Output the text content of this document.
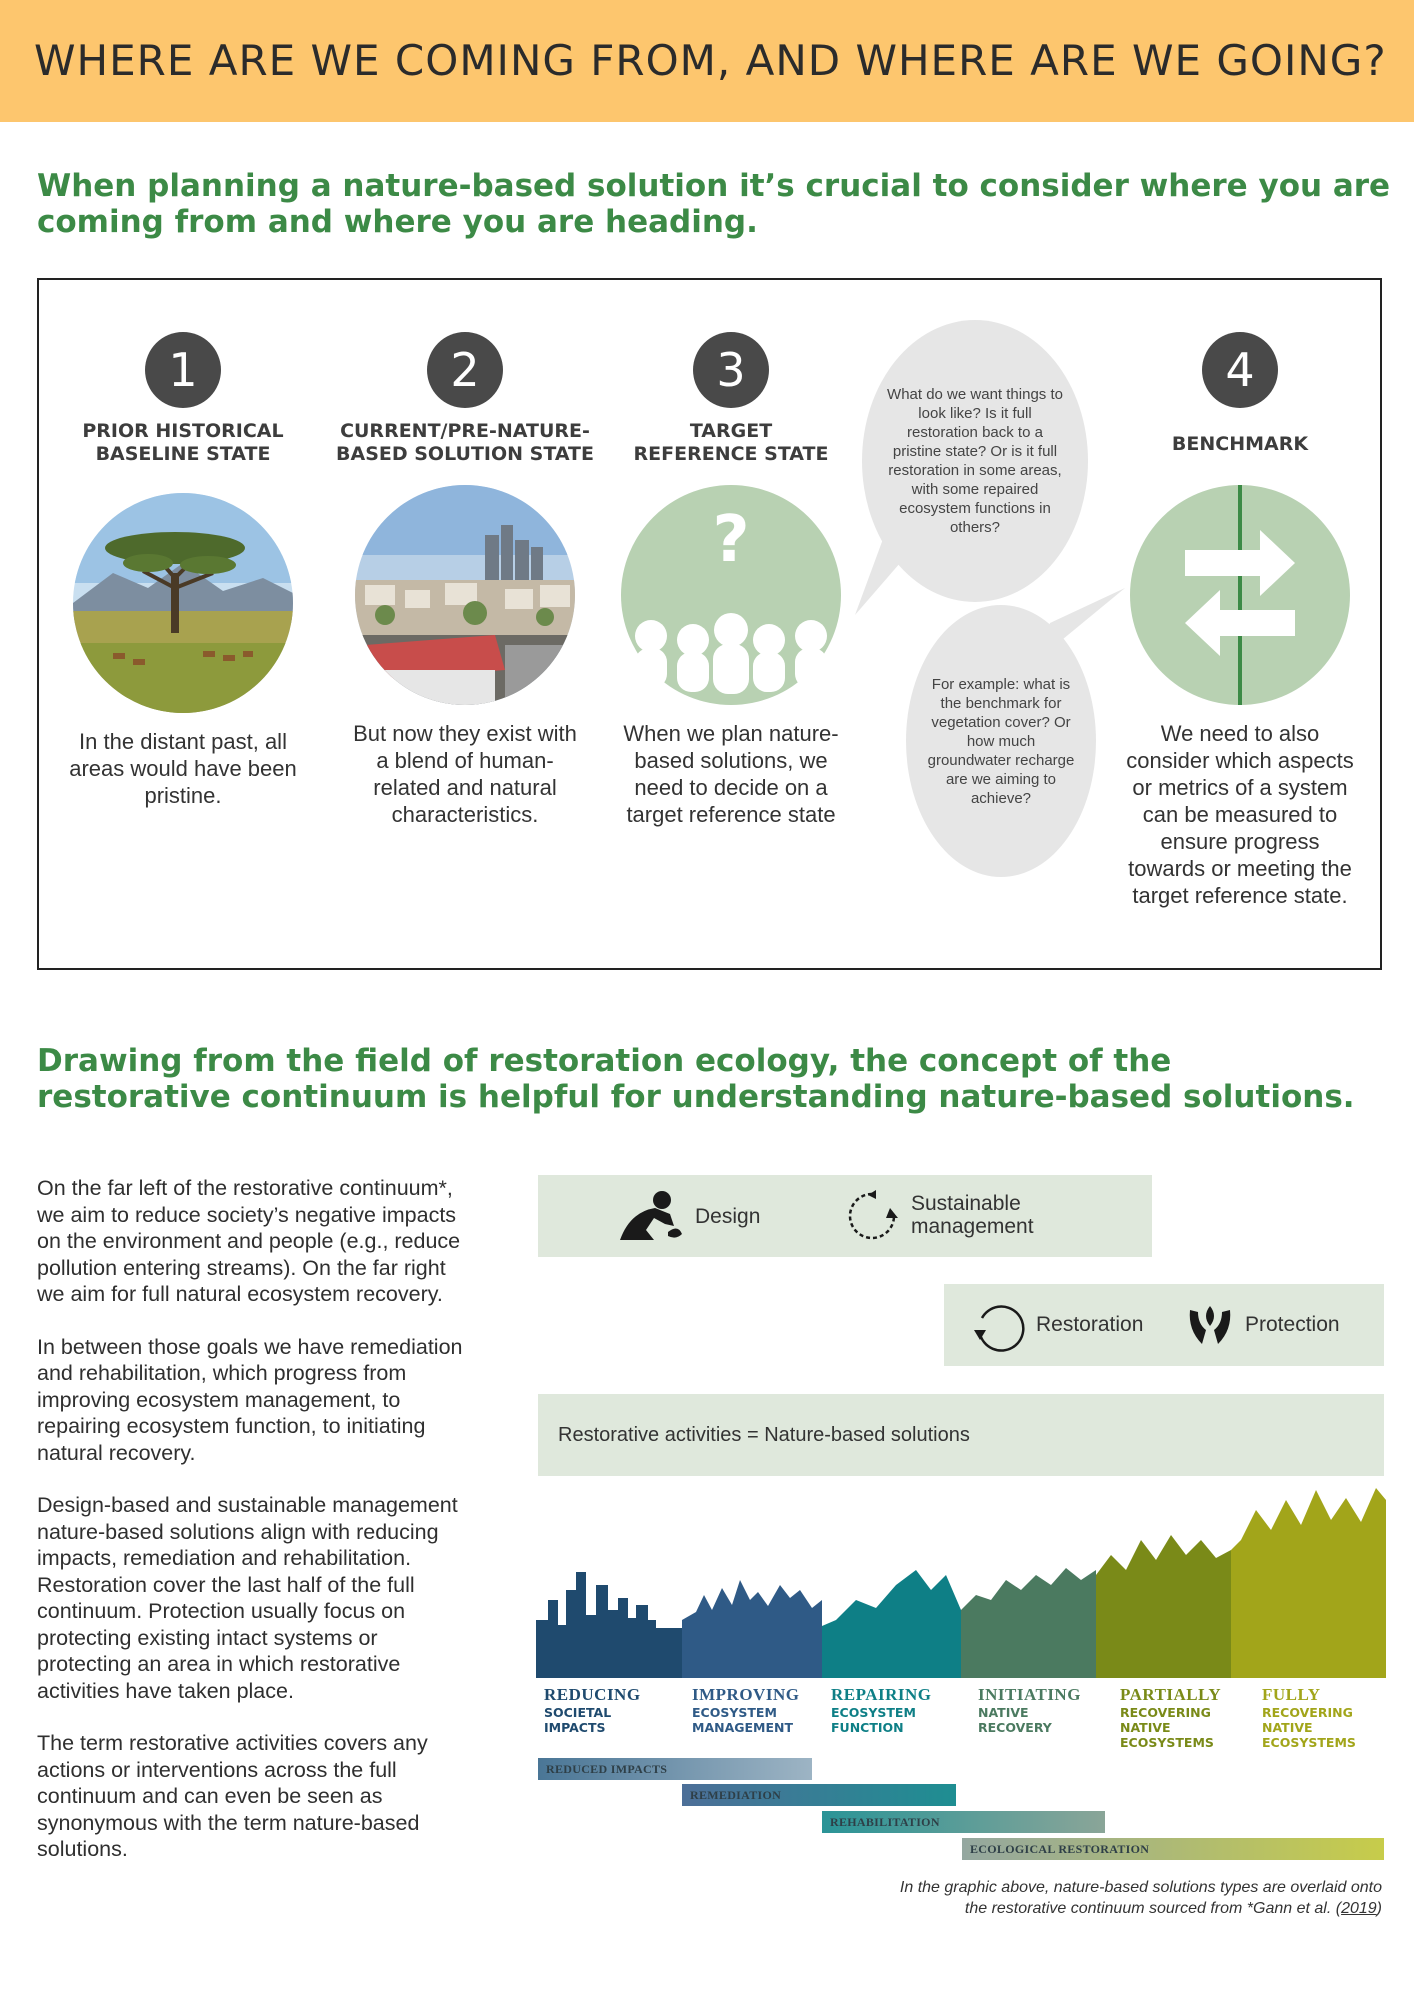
WHERE ARE WE COMING FROM, AND WHERE ARE WE GOING?

When planning a nature-based solution it’s crucial to consider where you are coming from and where you are heading.

1
PRIOR HISTORICAL
BASELINE STATE
In the distant past, all areas would have been pristine.
2
CURRENT/PRE-NATURE-
BASED SOLUTION STATE
But now they exist with a blend of human-related and natural characteristics.
3
TARGET
REFERENCE STATE
?
When we plan nature-based solutions, we need to decide on a target reference state
What do we want things to look like? Is it full restoration back to a pristine state? Or is it full restoration in some areas, with some repaired ecosystem functions in others?
For example: what is the benchmark for vegetation cover? Or how much groundwater recharge are we aiming to achieve?
4
BENCHMARK
We need to also consider which aspects or metrics of a system can be measured to ensure progress towards or meeting the target reference state.

Drawing from the field of restoration ecology, the concept of the restorative continuum is helpful for understanding nature-based solutions.

On the far left of the restorative continuum*, we aim to reduce society’s negative impacts on the environment and people (e.g., reduce pollution entering streams). On the far right we aim for full natural ecosystem recovery.

In between those goals we have remediation and rehabilitation, which progress from improving ecosystem management, to repairing ecosystem function, to initiating natural recovery.

Design-based and sustainable management nature-based solutions align with reducing impacts, remediation and rehabilitation. Restoration cover the last half of the full continuum. Protection usually focus on protecting existing intact systems or protecting an area in which restorative activities have taken place.

The term restorative activities covers any actions or interventions across the full continuum and can even be seen as synonymous with the term nature-based solutions.

Design
Sustainable
management
Restoration	Protection
Restorative activities = Nature-based solutions
REDUCING
SOCIETAL
IMPACTS
IMPROVING
ECOSYSTEM
MANAGEMENT
REPAIRING
ECOSYSTEM
FUNCTION
INITIATING
NATIVE
RECOVERY
PARTIALLY
RECOVERING
NATIVE
ECOSYSTEMS
FULLY
RECOVERING
NATIVE
ECOSYSTEMS
REDUCED IMPACTS
REMEDIATION
REHABILITATION
ECOLOGICAL RESTORATION
In the graphic above, nature-based solutions types are overlaid onto
the restorative continuum sourced from *Gann et al. (2019)
